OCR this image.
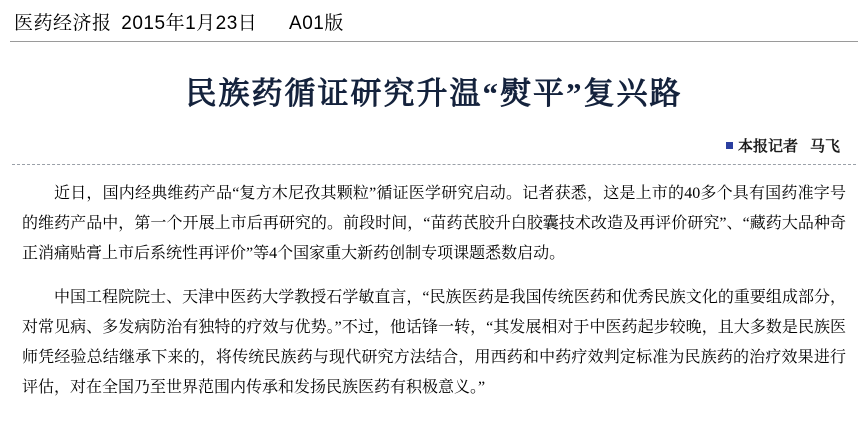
医药经济报 2015年1月23日 A01版
民族药循证研究升温“熨平”复兴路
本报记者 马飞

近日，国内经典维药产品“复方木尼孜其颗粒”循证医学研究启动。记者获悉，这是上市的40多个具有国药准字号的维药产品中，第一个开展上市后再研究的。前段时间，“苗药芪胶升白胶囊技术改造及再评价研究”、“藏药大品种奇正消痛贴膏上市后系统性再评价”等4个国家重大新药创制专项课题悉数启动。

中国工程院院士、天津中医药大学教授石学敏直言，“民族医药是我国传统医药和优秀民族文化的重要组成部分，对常见病、多发病防治有独特的疗效与优势。”不过，他话锋一转，“其发展相对于中医药起步较晚，且大多数是民族医师凭经验总结继承下来的，将传统民族药与现代研究方法结合，用西药和中药疗效判定标准为民族药的治疗效果进行评估，对在全国乃至世界范围内传承和发扬民族医药有积极意义。”
